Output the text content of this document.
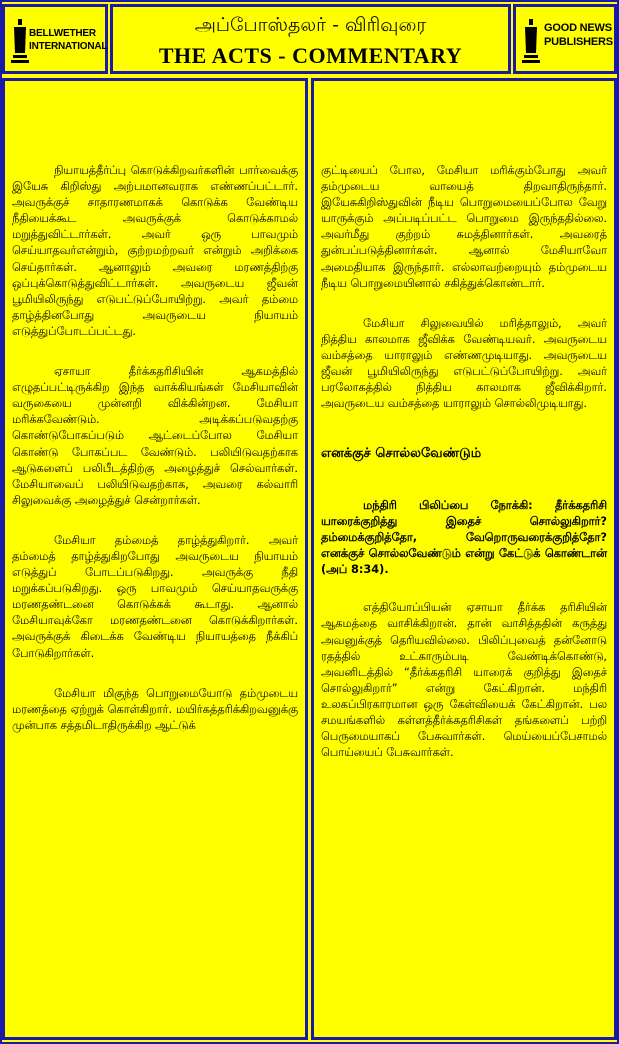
BELLWETHER
INTERNATIONAL
அப்போஸ்தலர் - விரிவுரை
THE ACTS - COMMENTARY
GOOD NEWS
PUBLISHERS

நியாயத்தீர்ப்பு கொடுக்கிறவர்களின் பார்வைக்கு இயேசு கிறிஸ்து அற்பமானவராக எண்ணப்பட்டார். அவருக்குச் சாதாரணமாகக் கொடுக்க வேண்டிய நீதியைக்கூட அவருக்குக் கொடுக்காமல் மறுத்துவிட்டார்கள். அவர் ஒரு பாவமும் செய்யாதவர்என்றும், குற்றமற்றவர் என்றும் அறிக்கை செய்தார்கள். ஆனாலும் அவரை மரணத்திற்கு ஒப்புக்கொடுத்துவிட்டார்கள். அவருடைய ஜீவன் பூமியிலிருந்து எடுபட்டுப்போயிற்று. அவர் தம்மை தாழ்த்தினபோது அவருடைய நியாயம் எடுத்துப்போடப்பட்டது.

ஏசாயா தீர்க்கதரிசியின் ஆகமத்தில் எழுதப்பட்டிருக்கிற இந்த வாக்கியங்கள் மேசியாவின் வருகையை முன்னறி விக்கின்றன. மேசியா மரிக்கவேண்டும். அடிக்கப்படுவதற்கு கொண்டுபோகப்படும் ஆட்டைப்போல மேசியா கொண்டு போகப்பட வேண்டும். பலியிடுவதற்காக ஆடுகளைப் பலிபீடத்திற்கு அழைத்துச் செல்வார்கள். மேசியாவைப் பலியிடுவதற்காக, அவரை கல்வாரி சிலுவைக்கு அழைத்துச் சென்றார்கள்.

மேசியா தம்மைத் தாழ்த்துகிறார். அவர் தம்மைத் தாழ்த்துகிறபோது அவருடைய நியாயம் எடுத்துப் போடப்படுகிறது. அவருக்கு நீதி மறுக்கப்படுகிறது. ஒரு பாவமும் செய்யாதவருக்கு மரணதண்டனை கொடுக்கக் கூடாது. ஆனால் மேசியாவுக்கோ மரணதண்டனை கொடுக்கிறார்கள். அவருக்குக் கிடைக்க வேண்டிய நியாயத்தை நீக்கிப் போடுகிறார்கள்.

மேசியா மிகுந்த பொறுமையோடு தம்முடைய மரணத்தை ஏற்றுக் கொள்கிறார். மயிர்கத்தரிக்கிறவனுக்கு முன்பாக சத்தமிடாதிருக்கிற ஆட்டுக்

குட்டியைப் போல, மேசியா மரிக்கும்போது அவர் தம்முடைய வாயைத் திறவாதிருந்தார். இயேசுகிறிஸ்துவின் நீடிய பொறுமையைப்போல வேறு யாருக்கும் அப்படிப்பட்ட பொறுமை இருந்ததில்லை. அவர்மீது குற்றம் சுமத்தினார்கள். அவரைத் துன்பப்படுத்தினார்கள். ஆனால் மேசியாவோ அமைதியாக இருந்தார். எல்லாவற்றையும் தம்முடைய நீடிய பொறுமையினால் சகித்துக்கொண்டார்.

மேசியா சிலுவையில் மரித்தாலும், அவர் நித்திய காலமாக ஜீவிக்க வேண்டியவர். அவருடைய வம்சத்தை யாராலும் எண்ணமுடியாது. அவருடைய ஜீவன் பூமியிலிருந்து எடுபட்டுப்போயிற்று. அவர் பரலோகத்தில் நித்திய காலமாக ஜீவிக்கிறார். அவருடைய வம்சத்தை யாராலும் சொல்லிமுடியாது.

எனக்குச் சொல்லவேண்டும்

மந்திரி பிலிப்பை நோக்கி: தீர்க்கதரிசி யாரைக்குறித்து இதைச் சொல்லுகிறார்? தம்மைக்குறித்தோ, வேறொருவரைக்குறித்தோ? எனக்குச் சொல்லவேண்டும் என்று கேட்டுக் கொண்டான் (அப் 8:34).

எத்தியோப்பியன் ஏசாயா தீர்க்க தரிசியின் ஆகமத்தை வாசிக்கிறான். தான் வாசித்ததின் கருத்து அவனுக்குத் தெரியவில்லை. பிலிப்புவைத் தன்னோடு ரதத்தில் உட்காரும்படி வேண்டிக்கொண்டு, அவனிடத்தில் “தீர்க்கதரிசி யாரைக் குறித்து இதைச் சொல்லுகிறார்” என்று கேட்கிறான். மந்திரி உலகப்பிரகாரமான ஒரு கேள்வியைக் கேட்கிறான். பல சமயங்களில் கள்ளத்தீர்க்கதரிசிகள் தங்களைப் பற்றி பெருமையாகப் பேசுவார்கள். மெய்யைப்பேசாமல் பொய்யைப் பேசுவார்கள்.
